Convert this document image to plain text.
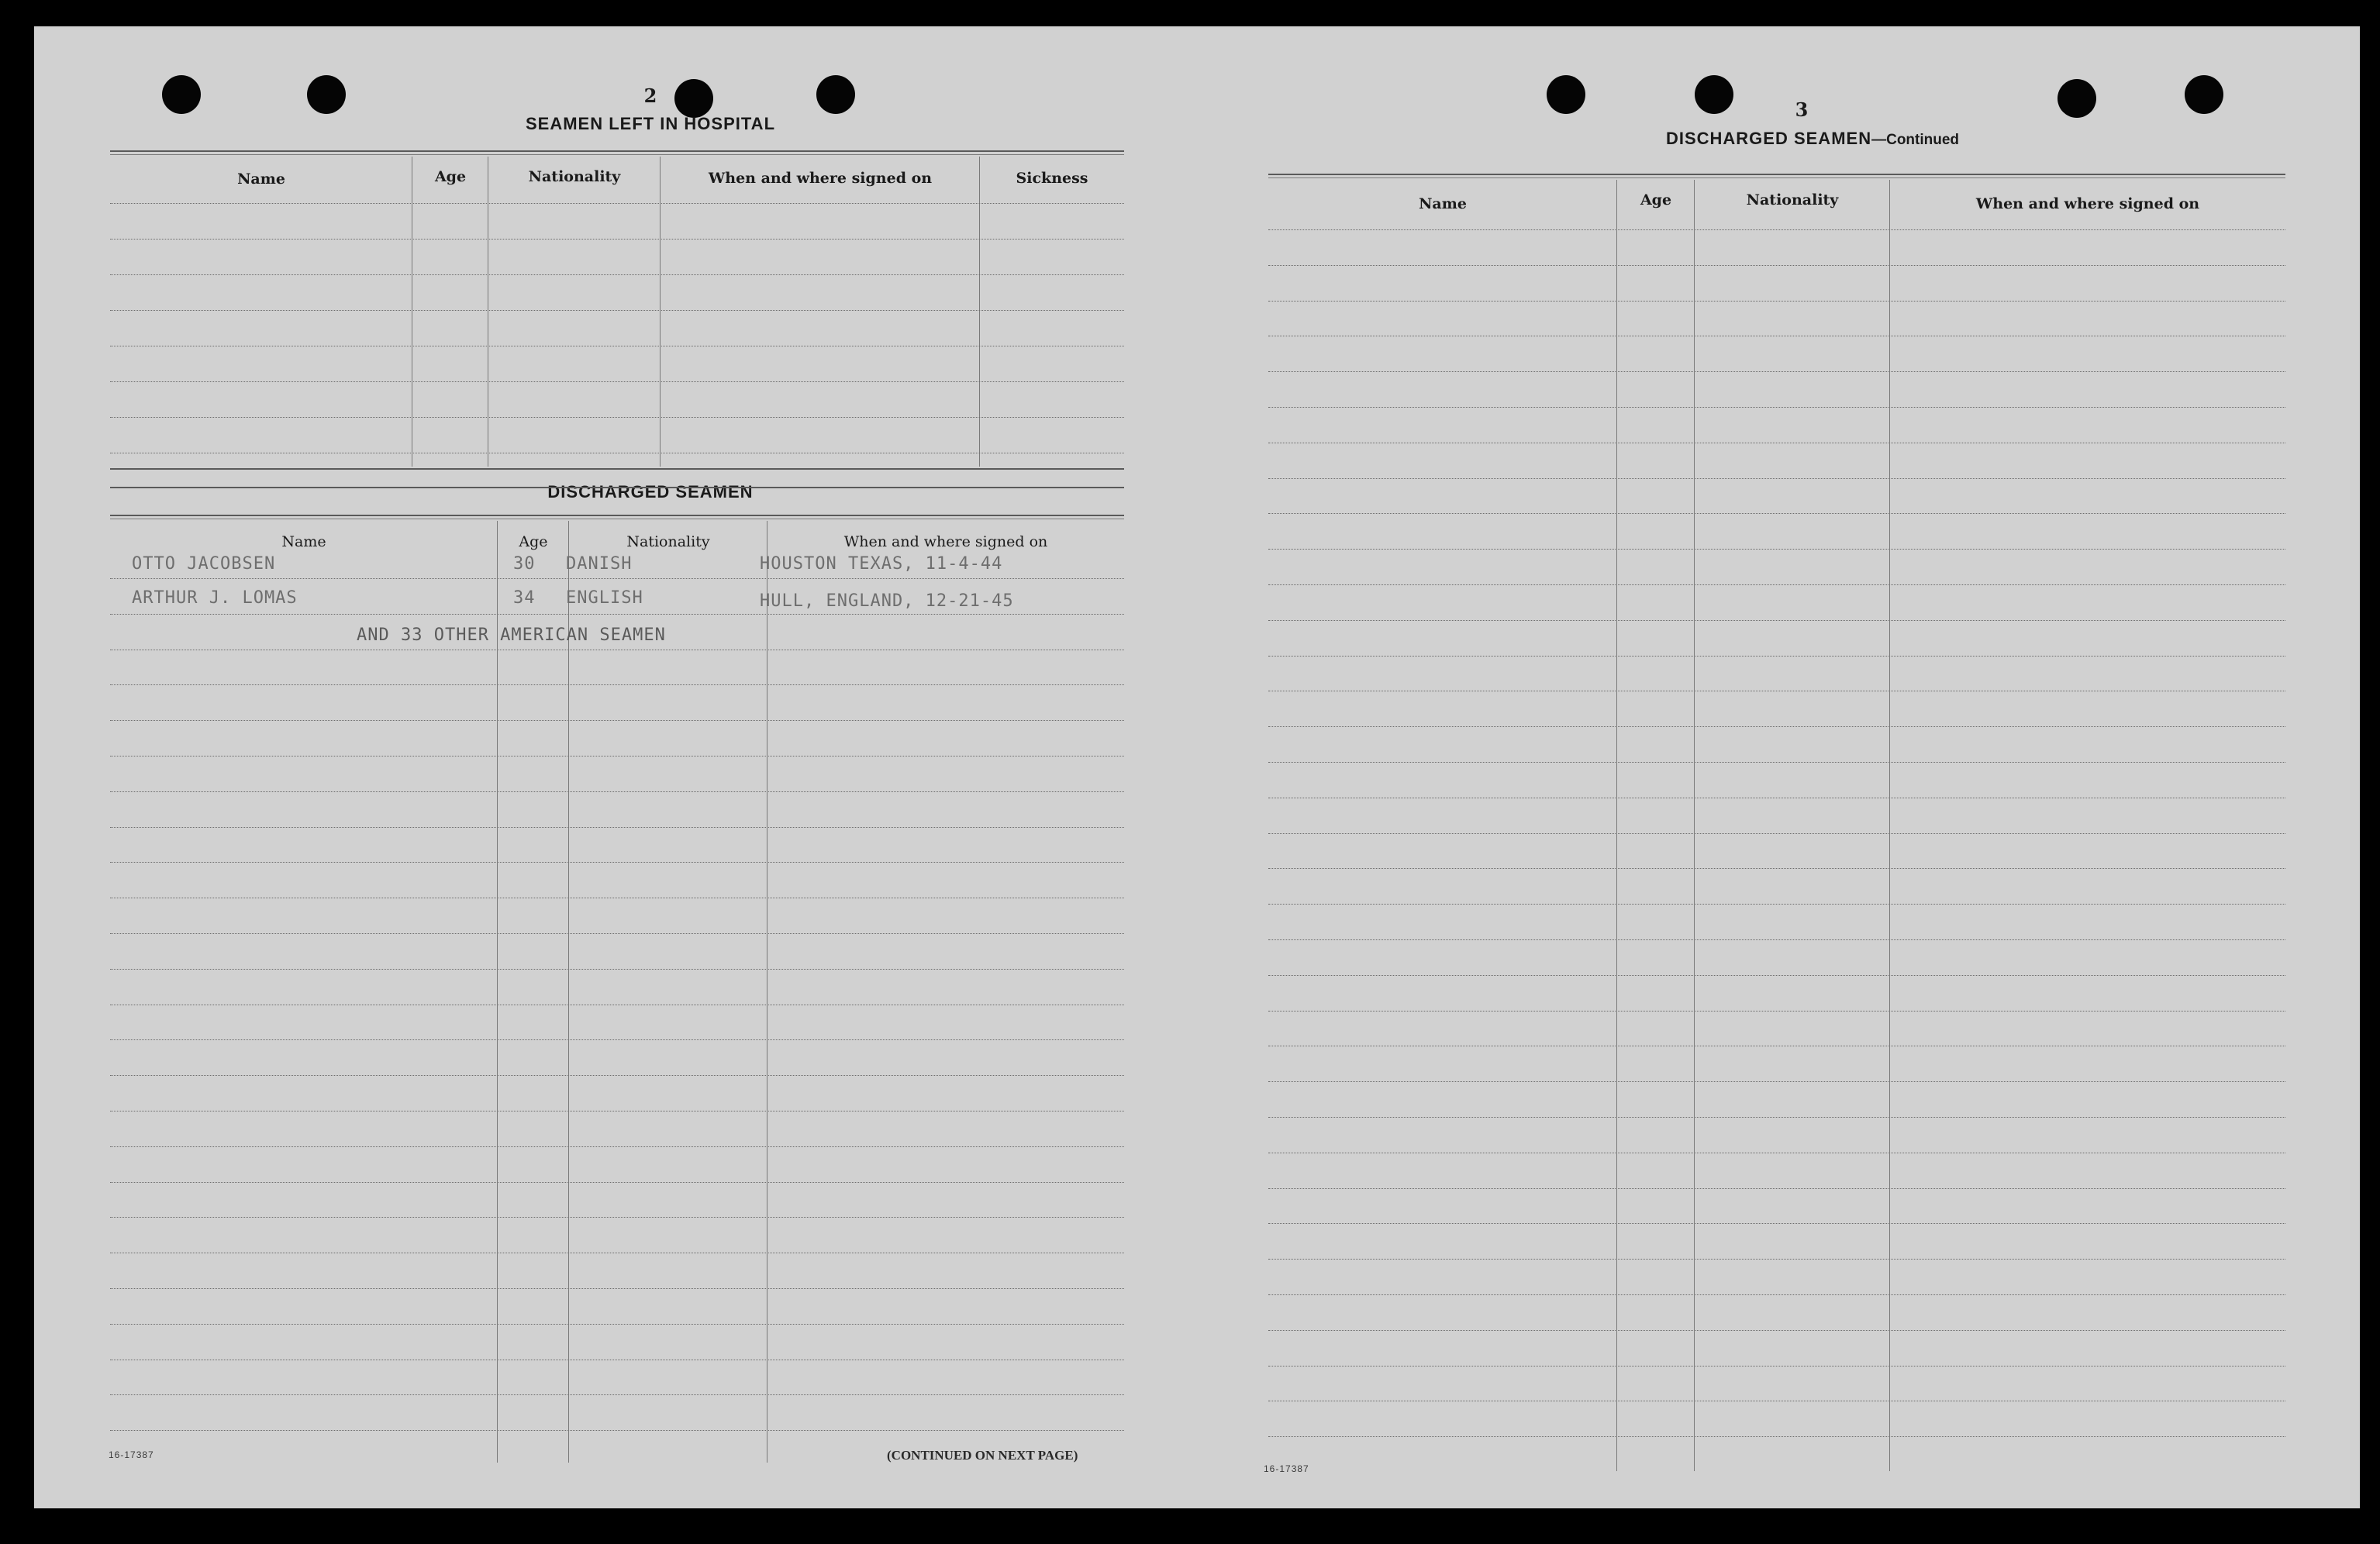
2
SEAMEN LEFT IN HOSPITAL
Name	Age	Nationality	When and where signed on	Sickness
DISCHARGED SEAMEN
Name	Age	Nationality	When and where signed on
OTTO JACOBSEN	30 DANISH	HOUSTON TEXAS, 11-4-44
ARTHUR J. LOMAS	34 ENGLISH	HULL, ENGLAND, 12-21-45
AND 33 OTHER AMERICAN SEAMEN
16-17387	(CONTINUED ON NEXT PAGE)
3
DISCHARGED SEAMEN—Continued
Name	Age	Nationality	When and where signed on
16-17387
